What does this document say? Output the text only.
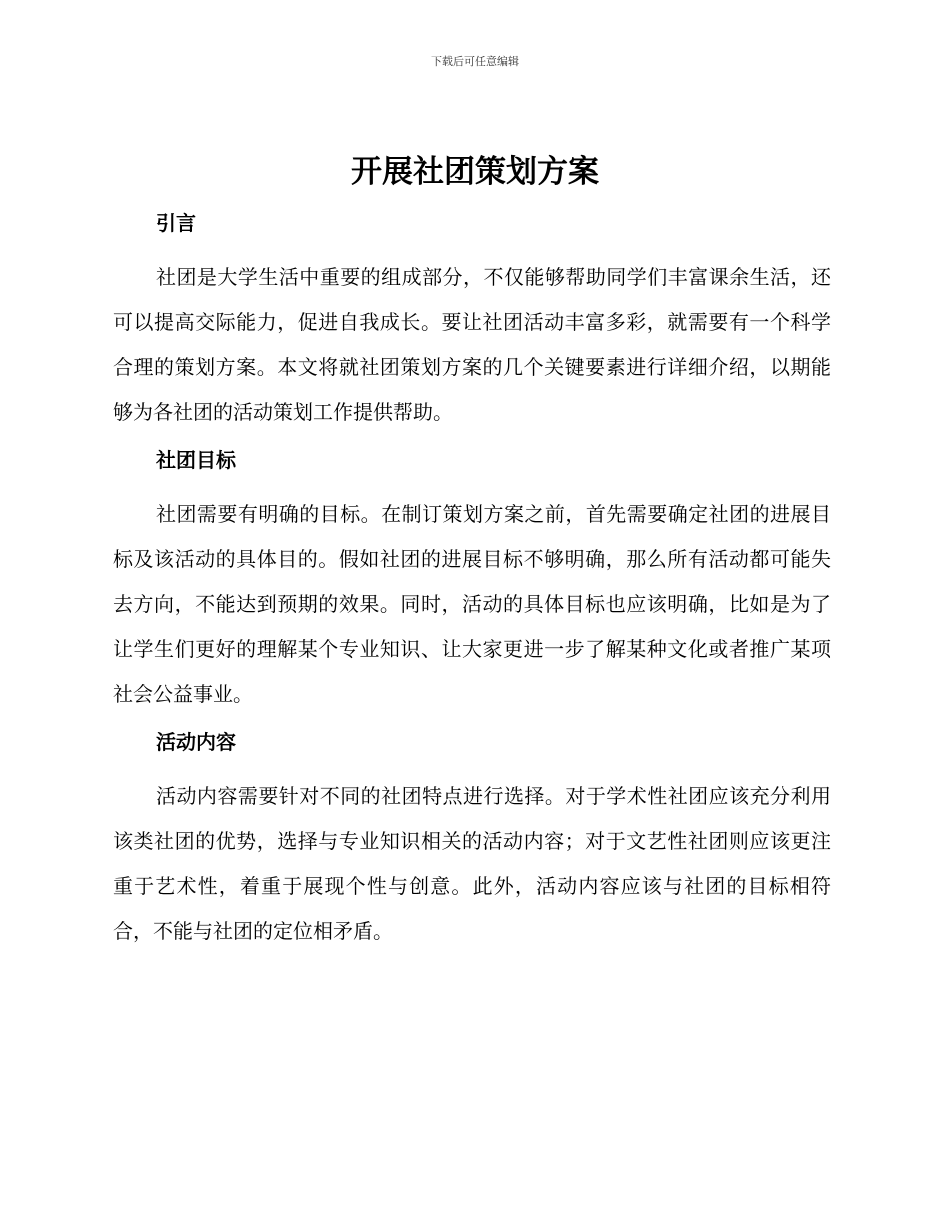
下载后可任意编辑
开展社团策划方案
引言

社团是大学生活中重要的组成部分，不仅能够帮助同学们丰富课余生活，还可以提高交际能力，促进自我成长。要让社团活动丰富多彩，就需要有一个科学合理的策划方案。本文将就社团策划方案的几个关键要素进行详细介绍，以期能够为各社团的活动策划工作提供帮助。

社团目标

社团需要有明确的目标。在制订策划方案之前，首先需要确定社团的进展目标及该活动的具体目的。假如社团的进展目标不够明确，那么所有活动都可能失去方向，不能达到预期的效果。同时，活动的具体目标也应该明确，比如是为了让学生们更好的理解某个专业知识、让大家更进一步了解某种文化或者推广某项社会公益事业。

活动内容

活动内容需要针对不同的社团特点进行选择。对于学术性社团应该充分利用该类社团的优势，选择与专业知识相关的活动内容；对于文艺性社团则应该更注重于艺术性，着重于展现个性与创意。此外，活动内容应该与社团的目标相符合，不能与社团的定位相矛盾。
